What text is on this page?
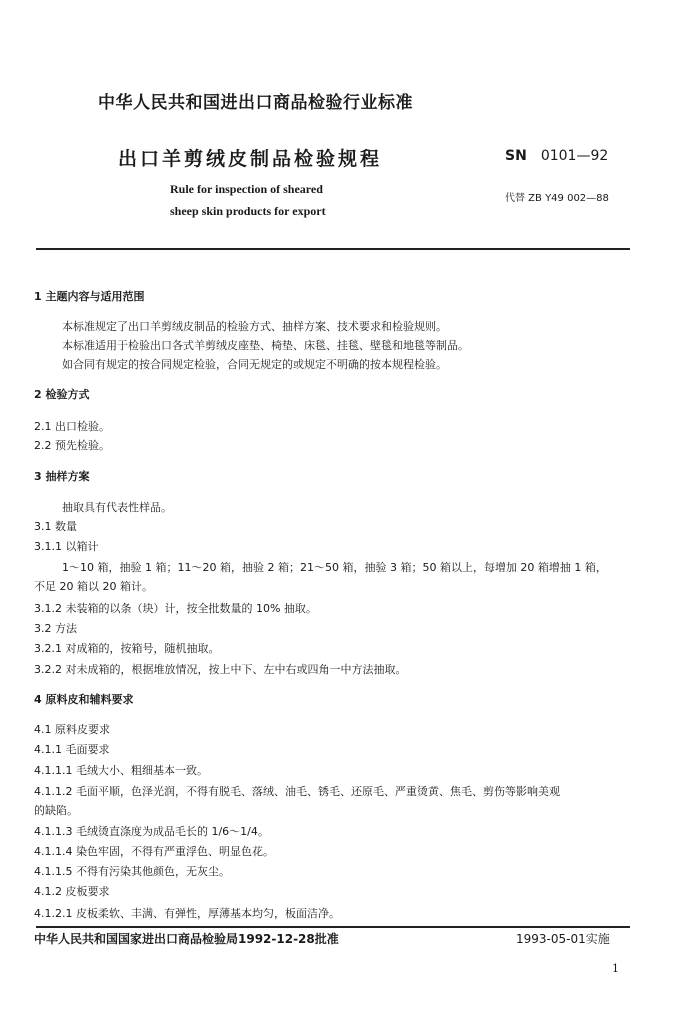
中华人民共和国进出口商品检验行业标准
出口羊剪绒皮制品检验规程	SN 0101—92
Rule for inspection of sheared
sheep skin products for export
代替 ZB Y49 002—88
1 主题内容与适用范围
本标准规定了出口羊剪绒皮制品的检验方式、抽样方案、技术要求和检验规则。
本标准适用于检验出口各式羊剪绒皮座垫、椅垫、床毯、挂毯、壁毯和地毯等制品。
如合同有规定的按合同规定检验，合同无规定的或规定不明确的按本规程检验。
2 检验方式
2.1 出口检验。
2.2 预先检验。
3 抽样方案
抽取具有代表性样品。
3.1 数量
3.1.1 以箱计
1～10 箱，抽验 1 箱；11～20 箱，抽验 2 箱；21～50 箱，抽验 3 箱；50 箱以上，每增加 20 箱增抽 1 箱，
不足 20 箱以 20 箱计。
3.1.2 未装箱的以条（块）计，按全批数量的 10% 抽取。
3.2 方法
3.2.1 对成箱的，按箱号，随机抽取。
3.2.2 对未成箱的，根据堆放情况，按上中下、左中右或四角一中方法抽取。
4 原料皮和辅料要求
4.1 原料皮要求
4.1.1 毛面要求
4.1.1.1 毛绒大小、粗细基本一致。
4.1.1.2 毛面平顺，色泽光润，不得有脱毛、落绒、油毛、锈毛、还原毛、严重烫黄、焦毛、剪伤等影响美观
的缺陷。
4.1.1.3 毛绒烫直涤度为成品毛长的 1/6～1/4。
4.1.1.4 染色牢固，不得有严重浮色、明显色花。
4.1.1.5 不得有污染其他颜色，无灰尘。
4.1.2 皮板要求
4.1.2.1 皮板柔软、丰满、有弹性，厚薄基本均匀，板面洁净。
中华人民共和国国家进出口商品检验局1992-12-28批准	1993-05-01实施
1
